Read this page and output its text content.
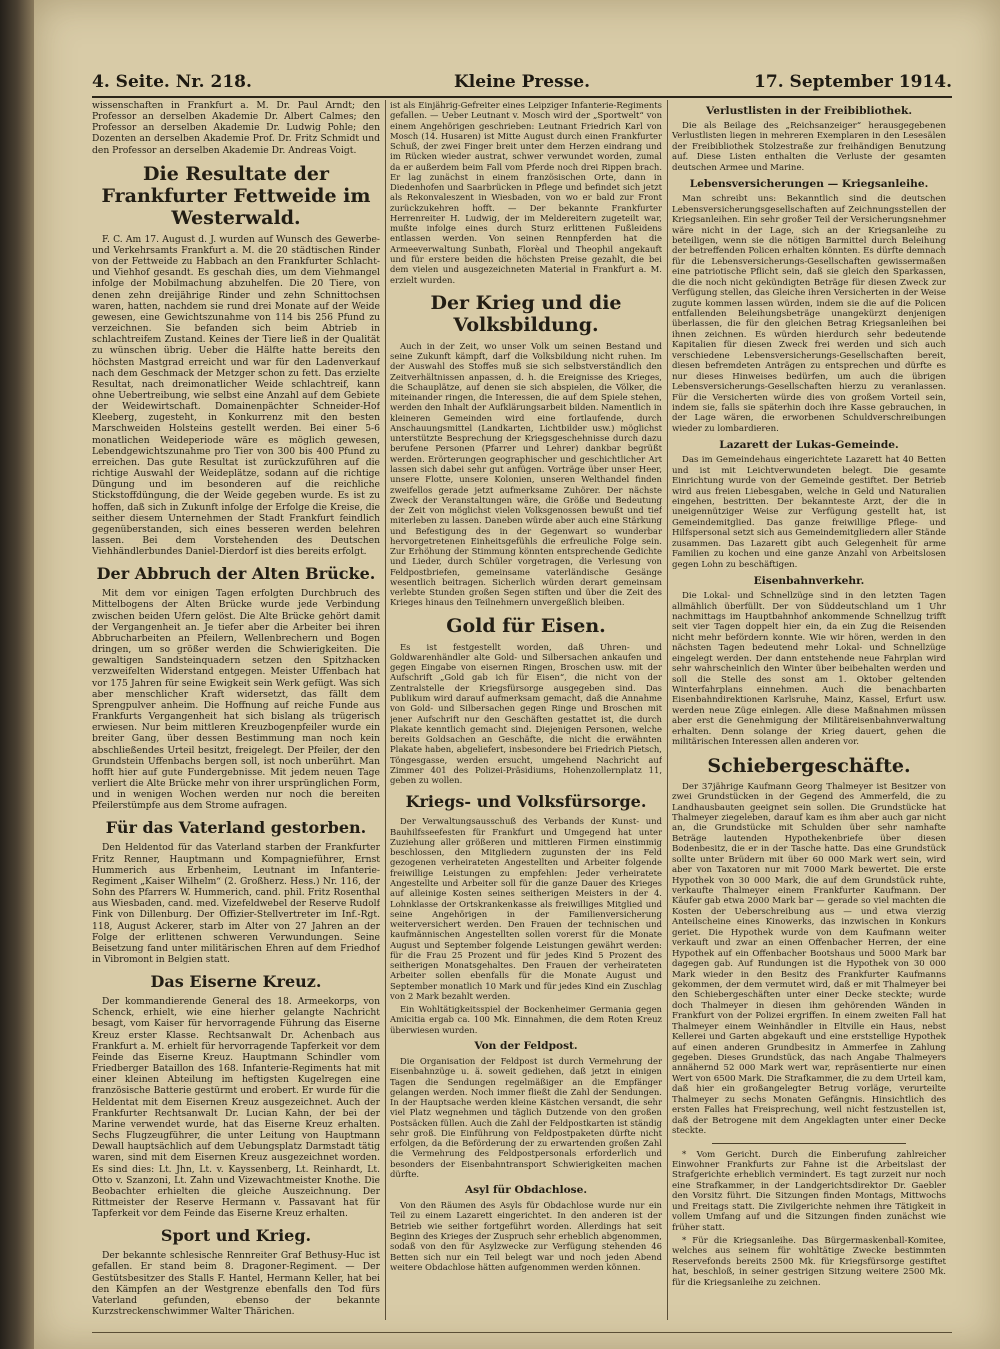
4. Seite. Nr. 218.	Kleine Presse.	17. September 1914.

wissenschaften in Frankfurt a. M. Dr. Paul Arndt; den Professor an derselben Akademie Dr. Albert Calmes; den Professor an derselben Akademie Dr. Ludwig Pohle; den Dozenten an derselben Akademie Prof. Dr. Fritz Schmidt und den Professor an derselben Akademie Dr. Andreas Voigt.

Die Resultate der Frankfurter Fettweide im Westerwald.

F. C. Am 17. August d. J. wurden auf Wunsch des Gewerbe- und Verkehrsamts Frankfurt a. M. die 20 städtischen Rinder von der Fettweide zu Habbach an den Frankfurter Schlacht- und Viehhof gesandt. Es geschah dies, um dem Viehmangel infolge der Mobilmachung abzuhelfen. Die 20 Tiere, von denen zehn dreijährige Rinder und zehn Schnittochsen waren, hatten, nachdem sie rund drei Monate auf der Weide gewesen, eine Gewichtszunahme von 114 bis 256 Pfund zu verzeichnen. Sie befanden sich beim Abtrieb in schlachtreifem Zustand. Keines der Tiere ließ in der Qualität zu wünschen übrig. Ueber die Hälfte hatte bereits den höchsten Mastgrad erreicht und war für den Ladenverkauf nach dem Geschmack der Metzger schon zu fett. Das erzielte Resultat, nach dreimonatlicher Weide schlachtreif, kann ohne Uebertreibung, wie selbst eine Anzahl auf dem Gebiete der Weidewirtschaft. Domainenpächter Schneider-Hof Kleeberg, zugesteht, in Konkurrenz mit den besten Marschweiden Holsteins gestellt werden. Bei einer 5-6 monatlichen Weideperiode wäre es möglich gewesen, Lebendgewichtszunahme pro Tier von 300 bis 400 Pfund zu erreichen. Das gute Resultat ist zurückzuführen auf die richtige Auswahl der Weideplätze, sodann auf die richtige Düngung und im besonderen auf die reichliche Stickstoffdüngung, die der Weide gegeben wurde. Es ist zu hoffen, daß sich in Zukunft infolge der Erfolge die Kreise, die seither diesem Unternehmen der Stadt Frankfurt feindlich gegenüberstanden, sich eines besseren werden belehren lassen. Bei dem Vorstehenden des Deutschen Viehhändlerbundes Daniel-Dierdorf ist dies bereits erfolgt.

Der Abbruch der Alten Brücke.

Mit dem vor einigen Tagen erfolgten Durchbruch des Mittelbogens der Alten Brücke wurde jede Verbindung zwischen beiden Ufern gelöst. Die Alte Brücke gehört damit der Vergangenheit an. Je tiefer aber die Arbeiter bei ihren Abbrucharbeiten an Pfeilern, Wellenbrechern und Bogen dringen, um so größer werden die Schwierigkeiten. Die gewaltigen Sandsteinquadern setzen den Spitzhacken verzweifelten Widerstand entgegen. Meister Uffenbach hat vor 175 Jahren für seine Ewigkeit sein Werk gefügt. Was sich aber menschlicher Kraft widersetzt, das fällt dem Sprengpulver anheim. Die Hoffnung auf reiche Funde aus Frankfurts Vergangenheit hat sich bislang als trügerisch erwiesen. Nur beim mittleren Kreuzbogenpfeiler wurde ein breiter Gang, über dessen Bestimmung man noch kein abschließendes Urteil besitzt, freigelegt. Der Pfeiler, der den Grundstein Uffenbachs bergen soll, ist noch unberührt. Man hofft hier auf gute Fundergebnisse. Mit jedem neuen Tage verliert die Alte Brücke mehr von ihrer ursprünglichen Form, und in wenigen Wochen werden nur noch die bereiten Pfeilerstümpfe aus dem Strome aufragen.

Für das Vaterland gestorben.

Den Heldentod für das Vaterland starben der Frankfurter Fritz Renner, Hauptmann und Kompagnieführer, Ernst Hummerich aus Erbenheim, Leutnant im Infanterie-Regiment „Kaiser Wilhelm“ (2. Großherz. Hess.) Nr. 116, der Sohn des Pfarrers W. Hummerich, cand. phil. Fritz Rosenthal aus Wiesbaden, cand. med. Vizefeldwebel der Reserve Rudolf Fink von Dillenburg. Der Offizier-Stellvertreter im Inf.-Rgt. 118, August Ackerer, starb im Alter von 27 Jahren an der Folge der erlittenen schweren Verwundungen. Seine Beisetzung fand unter militärischen Ehren auf dem Friedhof in Vibromont in Belgien statt.

Das Eiserne Kreuz.

Der kommandierende General des 18. Armeekorps, von Schenck, erhielt, wie eine hierher gelangte Nachricht besagt, vom Kaiser für hervorragende Führung das Eiserne Kreuz erster Klasse. Rechtsanwalt Dr. Achenbach aus Frankfurt a. M. erhielt für hervorragende Tapferkeit vor dem Feinde das Eiserne Kreuz. Hauptmann Schindler vom Friedberger Bataillon des 168. Infanterie-Regiments hat mit einer kleinen Abteilung im heftigsten Kugelregen eine französische Batterie gestürmt und erobert. Er wurde für die Heldentat mit dem Eisernen Kreuz ausgezeichnet. Auch der Frankfurter Rechtsanwalt Dr. Lucian Kahn, der bei der Marine verwendet wurde, hat das Eiserne Kreuz erhalten. Sechs Flugzeugführer, die unter Leitung von Hauptmann Dewall hauptsächlich auf dem Uebungsplatz Darmstadt tätig waren, sind mit dem Eisernen Kreuz ausgezeichnet worden. Es sind dies: Lt. Jhn, Lt. v. Kayssenberg, Lt. Reinhardt, Lt. Otto v. Szanzoni, Lt. Zahn und Vizewachtmeister Knothe. Die Beobachter erhielten die gleiche Auszeichnung. Der Rittmeister der Reserve Hermann v. Passavant hat für Tapferkeit vor dem Feinde das Eiserne Kreuz erhalten.

Sport und Krieg.

Der bekannte schlesische Rennreiter Graf Bethusy-Huc ist gefallen. Er stand beim 8. Dragoner-Regiment. — Der Gestütsbesitzer des Stalls F. Hantel, Hermann Keller, hat bei den Kämpfen an der Westgrenze ebenfalls den Tod fürs Vaterland gefunden, ebenso der bekannte Kurzstreckenschwimmer Walter Thärichen.

ist als Einjährig-Gefreiter eines Leipziger Infanterie-Regiments gefallen. — Ueber Leutnant v. Mosch wird der „Sportwelt“ von einem Angehörigen geschrieben: Leutnant Friedrich Karl von Mosch (14. Husaren) ist Mitte August durch einen Frankfurter Schuß, der zwei Finger breit unter dem Herzen eindrang und im Rücken wieder austrat, schwer verwundet worden, zumal da er außerdem beim Fall vom Pferde noch drei Rippen brach. Er lag zunächst in einem französischen Orte, dann in Diedenhofen und Saarbrücken in Pflege und befindet sich jetzt als Rekonvaleszent in Wiesbaden, von wo er bald zur Front zurückzukehren hofft. — Der bekannte Frankfurter Herrenreiter H. Ludwig, der im Meldereitern zugeteilt war, mußte infolge eines durch Sturz erlittenen Fußleidens entlassen werden. Von seinen Rennpferden hat die Armeeverwaltung Sunbath, Florèal und Theophil angekauft und für erstere beiden die höchsten Preise gezahlt, die bei dem vielen und ausgezeichneten Material in Frankfurt a. M. erzielt wurden.

Der Krieg und die Volksbildung.

Auch in der Zeit, wo unser Volk um seinen Bestand und seine Zukunft kämpft, darf die Volksbildung nicht ruhen. Im der Auswahl des Stoffes muß sie sich selbstverständlich den Zeitverhältnissen anpassen, d. h. die Ereignisse des Krieges, die Schauplätze, auf denen sie sich abspielen, die Völker, die miteinander ringen, die Interessen, die auf dem Spiele stehen, werden den Inhalt der Aufklärungsarbeit bilden. Namentlich in kleineren Gemeinden wird eine fortlaufende, durch Anschauungsmittel (Landkarten, Lichtbilder usw.) möglichst unterstützte Besprechung der Kriegsgeschehnisse durch dazu berufene Personen (Pfarrer und Lehrer) dankbar begrüßt werden. Erörterungen geographischer und geschichtlicher Art lassen sich dabei sehr gut anfügen. Vorträge über unser Heer, unsere Flotte, unsere Kolonien, unseren Welthandel finden zweifellos gerade jetzt aufmerksame Zuhörer. Der nächste Zweck der Veranstaltungen wäre, die Größe und Bedeutung der Zeit von möglichst vielen Volksgenossen bewußt und tief miterleben zu lassen. Daneben würde aber auch eine Stärkung und Befestigung des in der Gegenwart so wunderbar hervorgetretenen Einheitsgefühls die erfreuliche Folge sein. Zur Erhöhung der Stimmung könnten entsprechende Gedichte und Lieder, durch Schüler vorgetragen, die Verlesung von Feldpostbriefen, gemeinsame vaterländische Gesänge wesentlich beitragen. Sicherlich würden derart gemeinsam verlebte Stunden großen Segen stiften und über die Zeit des Krieges hinaus den Teilnehmern unvergeßlich bleiben.

Gold für Eisen.

Es ist festgestellt worden, daß Uhren- und Goldwarenhändler alte Gold- und Silbersachen ankaufen und gegen Eingabe von eisernen Ringen, Broschen usw. mit der Aufschrift „Gold gab ich für Eisen“, die nicht von der Zentralstelle der Kriegsfürsorge ausgegeben sind. Das Publikum wird darauf aufmerksam gemacht, daß die Annahme von Gold- und Silbersachen gegen Ringe und Broschen mit jener Aufschrift nur den Geschäften gestattet ist, die durch Plakate kenntlich gemacht sind. Diejenigen Personen, welche bereits Goldsachen an Geschäfte, die nicht die erwähnten Plakate haben, abgeliefert, insbesondere bei Friedrich Pietsch, Töngesgasse, werden ersucht, umgehend Nachricht auf Zimmer 401 des Polizei-Präsidiums, Hohenzollernplatz 11, geben zu wollen.

Kriegs- und Volksfürsorge.

Der Verwaltungsausschuß des Verbands der Kunst- und Bauhilfsseefesten für Frankfurt und Umgegend hat unter Zuziehung aller größeren und mittleren Firmen einstimmig beschlossen, den Mitgliedern zugunsten der ins Feld gezogenen verheirateten Angestellten und Arbeiter folgende freiwillige Leistungen zu empfehlen: Jeder verheiratete Angestellte und Arbeiter soll für die ganze Dauer des Krieges auf alleinige Kosten seines seitherigen Meisters in der 4. Lohnklasse der Ortskrankenkasse als freiwilliges Mitglied und seine Angehörigen in der Familienversicherung weiterversichert werden. Den Frauen der technischen und kaufmännischen Angestellten sollen vorerst für die Monate August und September folgende Leistungen gewährt werden: für die Frau 25 Prozent und für jedes Kind 5 Prozent des seitherigen Monatsgehaltes. Den Frauen der verheirateten Arbeiter sollen ebenfalls für die Monate August und September monatlich 10 Mark und für jedes Kind ein Zuschlag von 2 Mark bezahlt werden.

Ein Wohltätigkeitsspiel der Bockenheimer Germania gegen Amicitia ergab ca. 100 Mk. Einnahmen, die dem Roten Kreuz überwiesen wurden.

Von der Feldpost.

Die Organisation der Feldpost ist durch Vermehrung der Eisenbahnzüge u. ä. soweit gediehen, daß jetzt in einigen Tagen die Sendungen regelmäßiger an die Empfänger gelangen werden. Noch immer fließt die Zahl der Sendungen. In der Hauptsache werden kleine Kästchen versandt, die sehr viel Platz wegnehmen und täglich Dutzende von den großen Postsäcken füllen. Auch die Zahl der Feldpostkarten ist ständig sehr groß. Die Einführung von Feldpostpaketen dürfte nicht erfolgen, da die Beförderung der zu erwartenden großen Zahl die Vermehrung des Feldpostpersonals erforderlich und besonders der Eisenbahntransport Schwierigkeiten machen dürfte.

Asyl für Obdachlose.

Von den Räumen des Asyls für Obdachlose wurde nur ein Teil zu einem Lazarett eingerichtet. In den anderen ist der Betrieb wie seither fortgeführt worden. Allerdings hat seit Beginn des Krieges der Zuspruch sehr erheblich abgenommen, sodaß von den für Asylzwecke zur Verfügung stehenden 46 Betten sich nur ein Teil belegt war und noch jeden Abend weitere Obdachlose hätten aufgenommen werden können.

Verlustlisten in der Freibibliothek.

Die als Beilage des „Reichsanzeiger“ herausgegebenen Verlustlisten liegen in mehreren Exemplaren in den Lesesälen der Freibibliothek Stolzestraße zur freihändigen Benutzung auf. Diese Listen enthalten die Verluste der gesamten deutschen Armee und Marine.

Lebensversicherungen — Kriegsanleihe.

Man schreibt uns: Bekanntlich sind die deutschen Lebensversicherungsgesellschaften auf Zeichnungsstellen der Kriegsanleihen. Ein sehr großer Teil der Versicherungsnehmer wäre nicht in der Lage, sich an der Kriegsanleihe zu beteiligen, wenn sie die nötigen Barmittel durch Beleihung der betreffenden Policen erhalten könnten. Es dürfte demnach für die Lebensversicherungs-Gesellschaften gewissermaßen eine patriotische Pflicht sein, daß sie gleich den Sparkassen, die die noch nicht gekündigten Beträge für diesen Zweck zur Verfügung stellen, das Gleiche ihren Versicherten in der Weise zugute kommen lassen würden, indem sie die auf die Policen entfallenden Beleihungsbeträge unangekürzt denjenigen überlassen, die für den gleichen Betrag Kriegsanleihen bei ihnen zeichnen. Es würden hierdurch sehr bedeutende Kapitalien für diesen Zweck frei werden und sich auch verschiedene Lebensversicherungs-Gesellschaften bereit, diesen befremdeten Anträgen zu entsprechen und dürfte es nur dieses Hinweises bedürfen, um auch die übrigen Lebensversicherungs-Gesellschaften hierzu zu veranlassen. Für die Versicherten würde dies von großem Vorteil sein, indem sie, falls sie späterhin doch ihre Kasse gebrauchen, in der Lage wären, die erworbenen Schuldverschreibungen wieder zu lombardieren.

Lazarett der Lukas-Gemeinde.

Das im Gemeindehaus eingerichtete Lazarett hat 40 Betten und ist mit Leichtverwundeten belegt. Die gesamte Einrichtung wurde von der Gemeinde gestiftet. Der Betrieb wird aus freien Liebesgaben, welche in Geld und Naturalien eingehen, bestritten. Der bekannteste Arzt, der die in uneigennütziger Weise zur Verfügung gestellt hat, ist Gemeindemitglied. Das ganze freiwillige Pflege- und Hilfspersonal setzt sich aus Gemeindemitgliedern aller Stände zusammen. Das Lazarett gibt auch Gelegenheit für arme Familien zu kochen und eine ganze Anzahl von Arbeitslosen gegen Lohn zu beschäftigen.

Eisenbahnverkehr.

Die Lokal- und Schnellzüge sind in den letzten Tagen allmählich überfüllt. Der von Süddeutschland um 1 Uhr nachmittags im Hauptbahnhof ankommende Schnellzug trifft seit vier Tagen doppelt hier ein, da ein Zug die Reisenden nicht mehr befördern konnte. Wie wir hören, werden in den nächsten Tagen bedeutend mehr Lokal- und Schnellzüge eingelegt werden. Der dann entstehende neue Fahrplan wird sehr wahrscheinlich den Winter über beibehalten werden und soll die Stelle des sonst am 1. Oktober geltenden Winterfahrplans einnehmen. Auch die benachbarten Eisenbahndirektionen Karlsruhe, Mainz, Kassel, Erfurt usw. werden neue Züge einlegen. Alle diese Maßnahmen müssen aber erst die Genehmigung der Militäreisenbahnverwaltung erhalten. Denn solange der Krieg dauert, gehen die militärischen Interessen allen anderen vor.

Schiebergeschäfte.

Der 37jährige Kaufmann Georg Thalmeyer ist Besitzer von zwei Grundstücken in der Gegend des Ammerfeld, die zu Landhausbauten geeignet sein sollen. Die Grundstücke hat Thalmeyer ziegeleben, darauf kam es ihm aber auch gar nicht an, die Grundstücke mit Schulden über sehr namhafte Beträge lautenden Hypothekenbriefe über diesen Bodenbesitz, die er in der Tasche hatte. Das eine Grundstück sollte unter Brüdern mit über 60 000 Mark wert sein, wird aber von Taxatoren nur mit 7000 Mark bewertet. Die erste Hypothek von 30 000 Mark, die auf dem Grundstück ruhte, verkaufte Thalmeyer einem Frankfurter Kaufmann. Der Käufer gab etwa 2000 Mark bar — gerade so viel machten die Kosten der Ueberschreibung aus — und etwa vierzig Anteilscheine eines Kinowerks, das inzwischen in Konkurs geriet. Die Hypothek wurde von dem Kaufmann weiter verkauft und zwar an einen Offenbacher Herren, der eine Hypothek auf ein Offenbacher Bootshaus und 5000 Mark bar dagegen gab. Auf Rundungen ist die Hypothek von 30 000 Mark wieder in den Besitz des Frankfurter Kaufmanns gekommen, der dem vermutet wird, daß er mit Thalmeyer bei den Schiebergeschäften unter einer Decke steckte; wurde doch Thalmeyer in diesen ihm gehörenden Wänden in Frankfurt von der Polizei ergriffen. In einem zweiten Fall hat Thalmeyer einem Weinhändler in Eltville ein Haus, nebst Kellerei und Garten abgekauft und eine erststellige Hypothek auf einen anderen Grundbesitz in Ammerfee in Zahlung gegeben. Dieses Grundstück, das nach Angabe Thalmeyers annähernd 52 000 Mark wert war, repräsentierte nur einen Wert von 6500 Mark. Die Strafkammer, die zu dem Urteil kam, daß hier ein großangelegter Betrug vorläge, verurteilte Thalmeyer zu sechs Monaten Gefängnis. Hinsichtlich des ersten Falles hat Freisprechung, weil nicht festzustellen ist, daß der Betrogene mit dem Angeklagten unter einer Decke steckte.

* Vom Gericht. Durch die Einberufung zahlreicher Einwohner Frankfurts zur Fahne ist die Arbeitslast der Strafgerichte erheblich vermindert. Es tagt zurzeit nur noch eine Strafkammer, in der Landgerichtsdirektor Dr. Gaebler den Vorsitz führt. Die Sitzungen finden Montags, Mittwochs und Freitags statt. Die Zivilgerichte nehmen ihre Tätigkeit in vollem Umfang auf und die Sitzungen finden zunächst wie früher statt.

* Für die Kriegsanleihe. Das Bürgermaskenball-Komitee, welches aus seinem für wohltätige Zwecke bestimmten Reservefonds bereits 2500 Mk. für Kriegsfürsorge gestiftet hat, beschloß, in seiner gestrigen Sitzung weitere 2500 Mk. für die Kriegsanleihe zu zeichnen.
